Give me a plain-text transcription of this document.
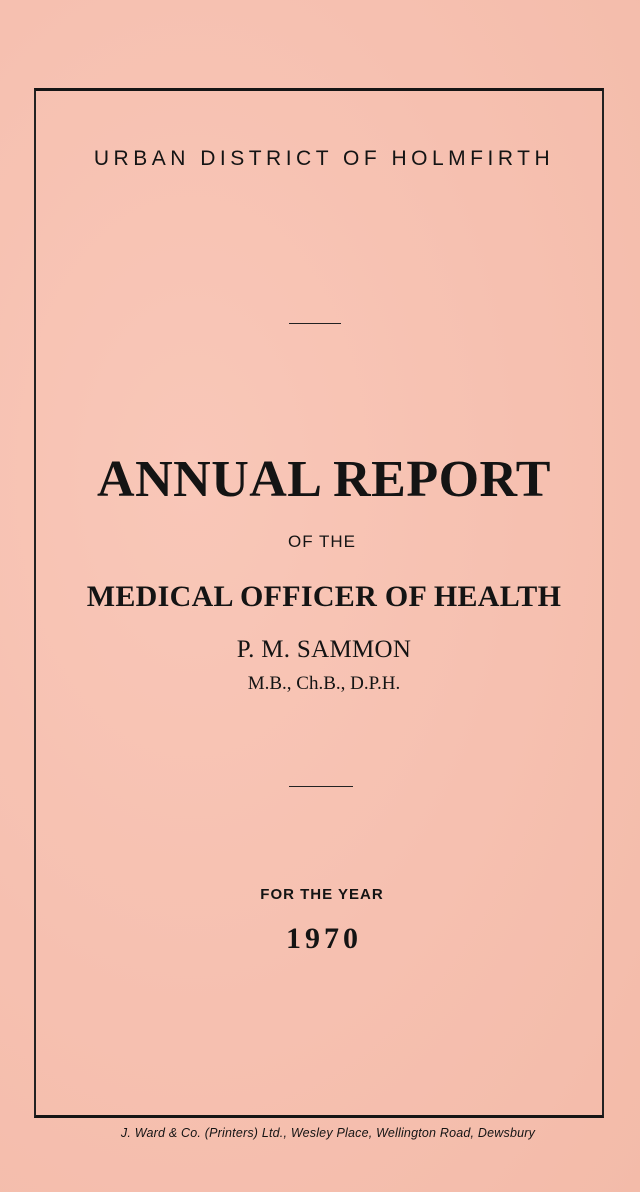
URBAN DISTRICT OF HOLMFIRTH
ANNUAL REPORT
OF THE
MEDICAL OFFICER OF HEALTH
P. M. SAMMON
M.B., Ch.B., D.P.H.
FOR THE YEAR
1970
J. Ward & Co. (Printers) Ltd., Wesley Place, Wellington Road, Dewsbury
